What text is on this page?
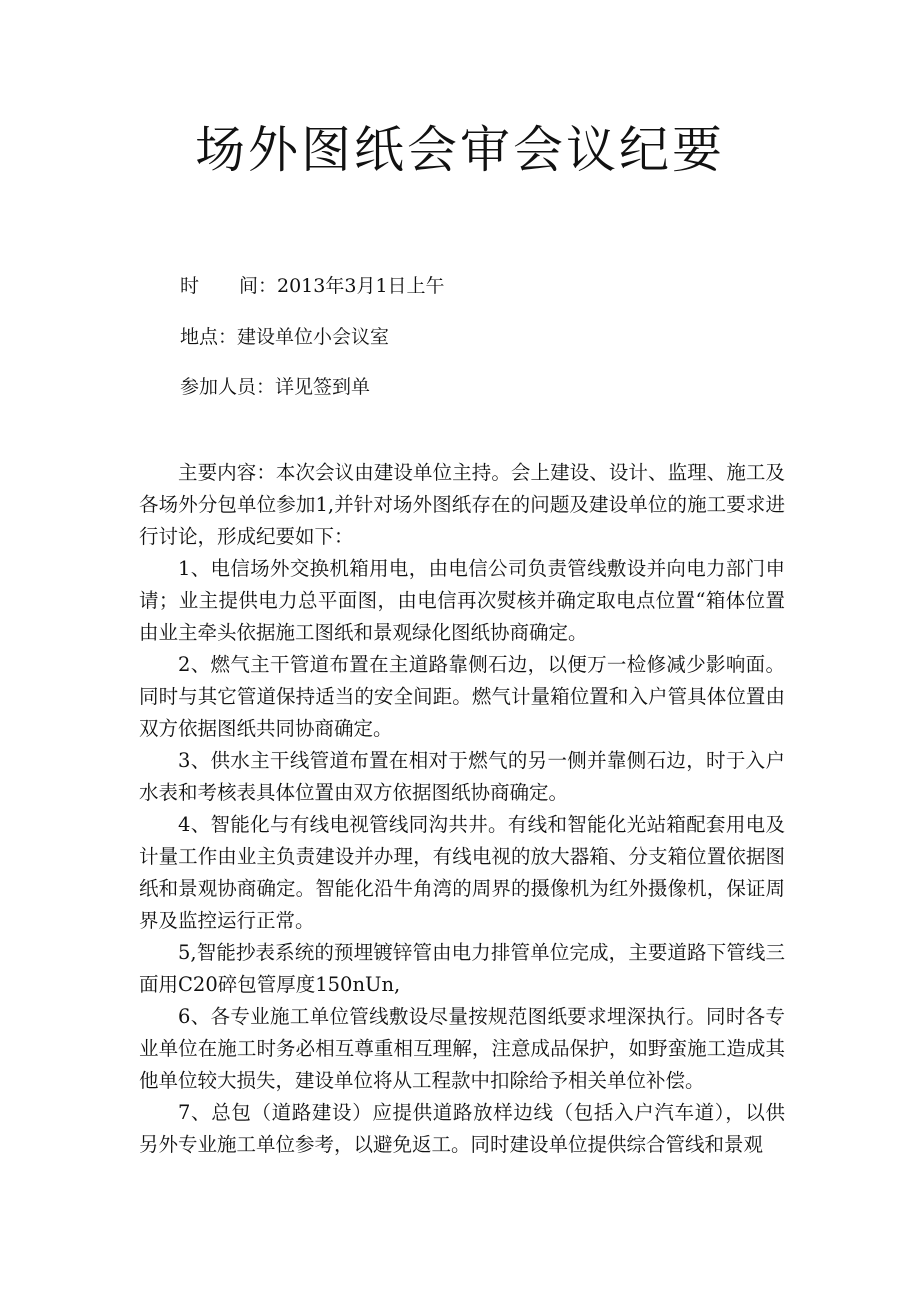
场外图纸会审会议纪要
时间：2013年3月1日上午
地点：建设单位小会议室
参加人员：详见签到单

主要内容：本次会议由建设单位主持。会上建设、设计、监理、施工及各场外分包单位参加1,并针对场外图纸存在的问题及建设单位的施工要求进行讨论，形成纪要如下：

1、电信场外交换机箱用电，由电信公司负责管线敷设并向电力部门申请；业主提供电力总平面图，由电信再次熨核并确定取电点位置“箱体位置由业主牵头依据施工图纸和景观绿化图纸协商确定。

2、燃气主干管道布置在主道路靠侧石边，以便万一检修减少影响面。同时与其它管道保持适当的安全间距。燃气计量箱位置和入户管具体位置由双方依据图纸共同协商确定。

3、供水主干线管道布置在相对于燃气的另一侧并靠侧石边，时于入户水表和考核表具体位置由双方依据图纸协商确定。

4、智能化与有线电视管线同沟共井。有线和智能化光站箱配套用电及计量工作由业主负责建设并办理，有线电视的放大器箱、分支箱位置依据图纸和景观协商确定。智能化沿牛角湾的周界的摄像机为红外摄像机，保证周界及监控运行正常。

5,智能抄表系统的预埋镀锌管由电力排管单位完成，主要道路下管线三面用C20碎包管厚度150nUn,

6、各专业施工单位管线敷设尽量按规范图纸要求埋深执行。同时各专业单位在施工时务必相互尊重相互理解，注意成品保护，如野蛮施工造成其他单位较大损失，建设单位将从工程款中扣除给予相关单位补偿。

7、总包（道路建设）应提供道路放样边线（包括入户汽车道），以供另外专业施工单位参考，以避免返工。同时建设单位提供综合管线和景观
